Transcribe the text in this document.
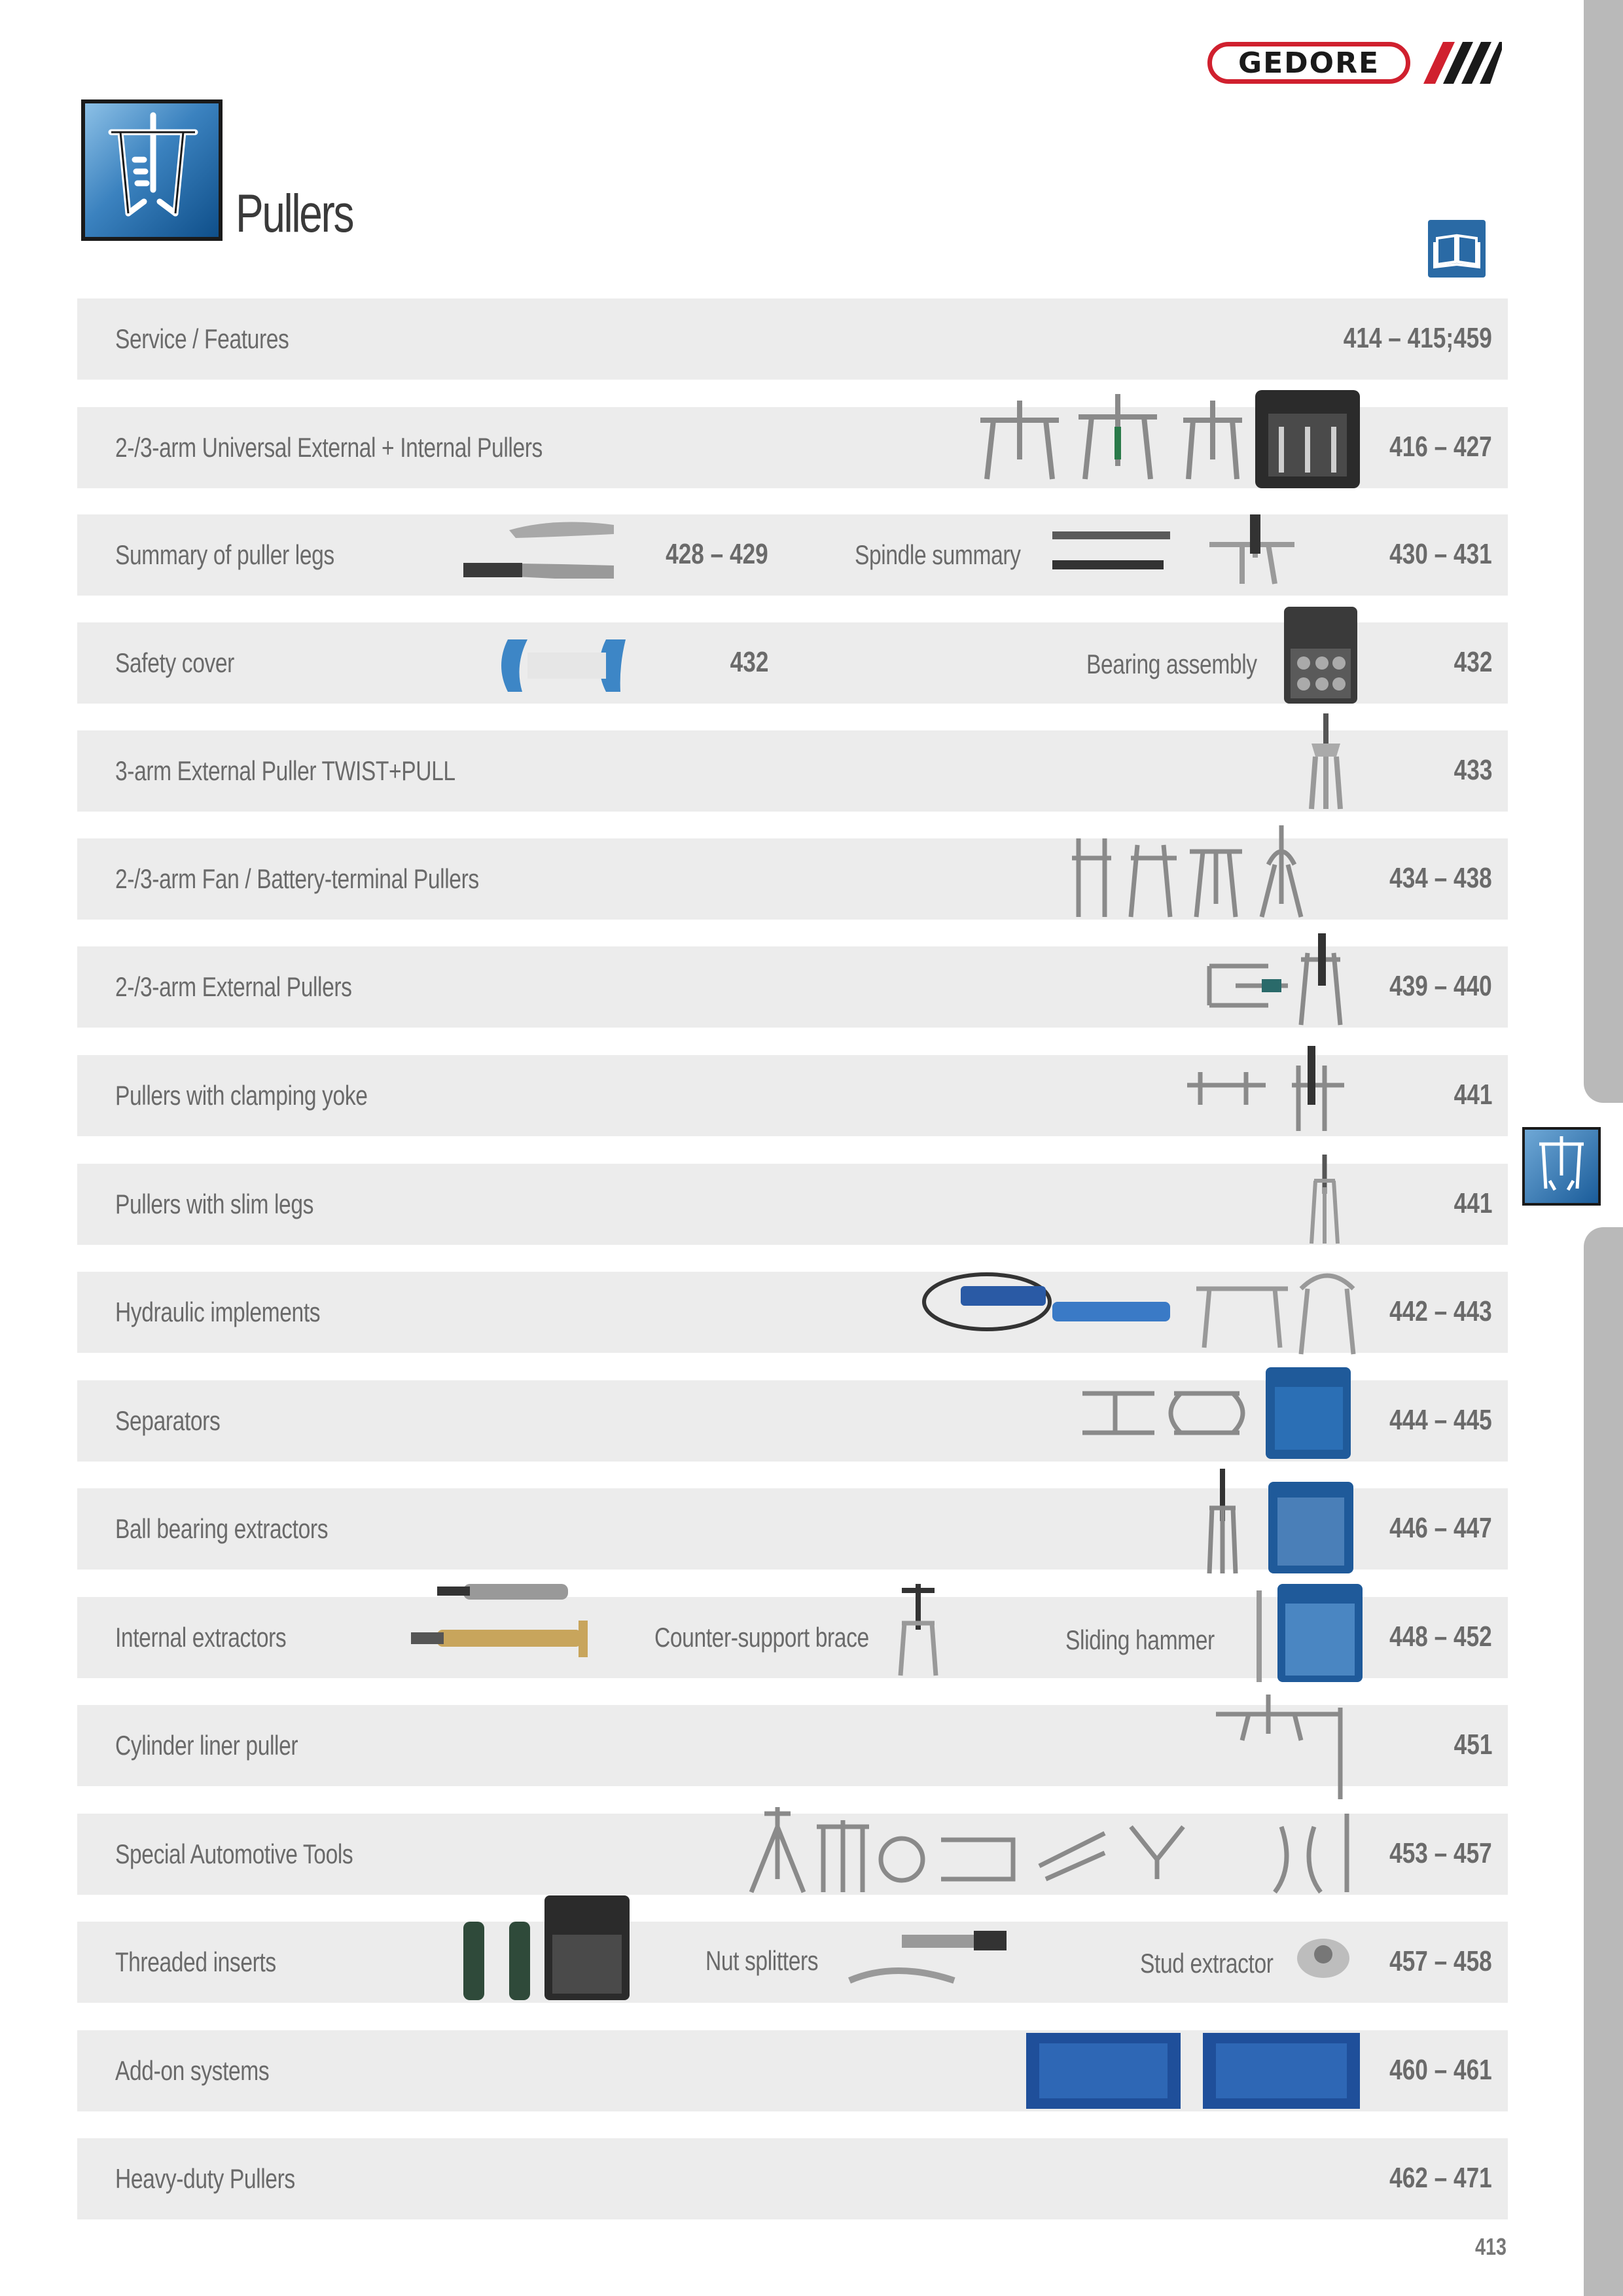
GEDORE
Pullers
Service / Features	414 – 415;459
2-/3-arm Universal External + Internal Pullers	416 – 427
Summary of puller legs	428 – 429	Spindle summary	430 – 431
Safety cover	432	Bearing assembly	432
3-arm External Puller TWIST+PULL	433
2-/3-arm Fan / Battery-terminal Pullers	434 – 438
2-/3-arm External Pullers	439 – 440
Pullers with clamping yoke	441
Pullers with slim legs	441
Hydraulic implements	442 – 443
Separators	444 – 445
Ball bearing extractors	446 – 447
Internal extractors	Counter-support brace	Sliding hammer	448 – 452
Cylinder liner puller	451
Special Automotive Tools	453 – 457
Threaded inserts	Nut splitters	Stud extractor	457 – 458
Add-on systems	460 – 461
Heavy-duty Pullers	462 – 471
413
